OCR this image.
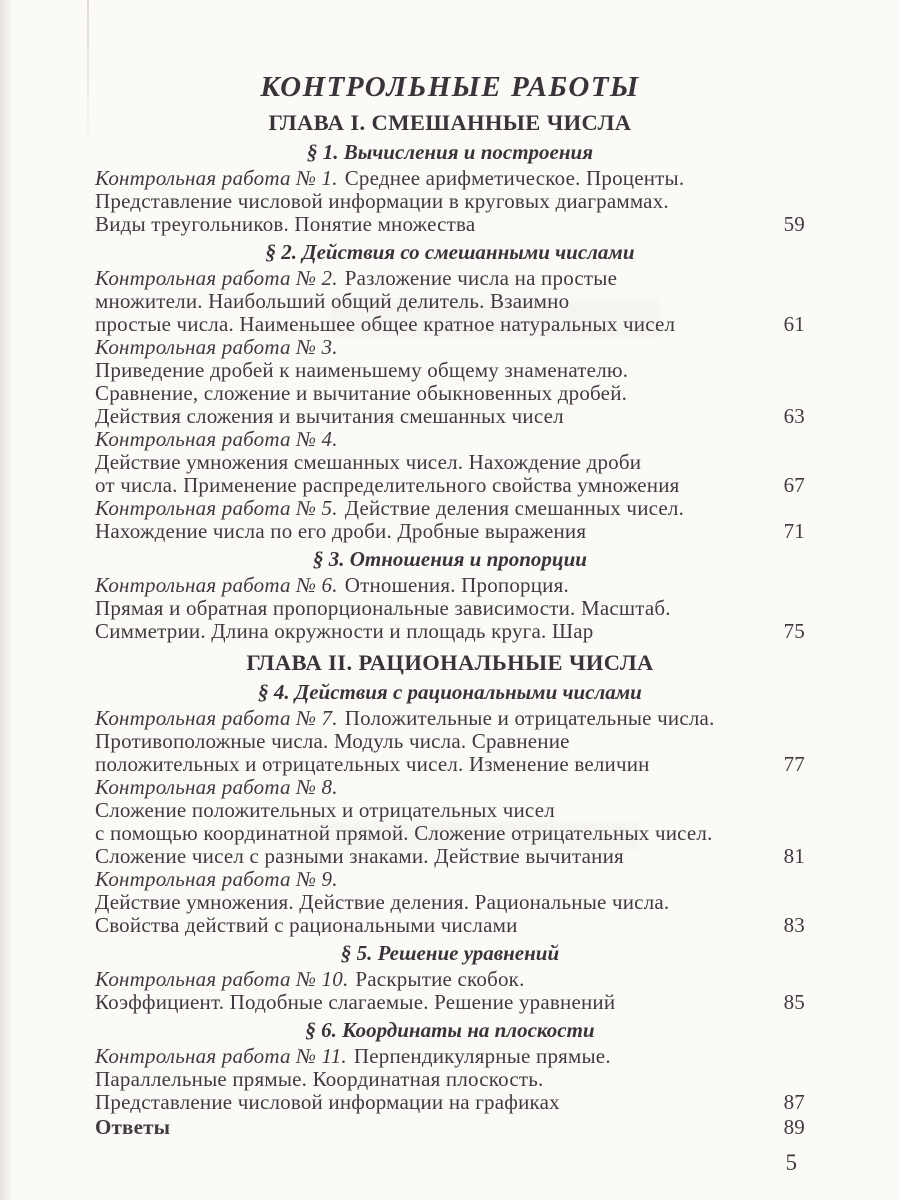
КОНТРОЛЬНЫЕ РАБОТЫ
ГЛАВА I. СМЕШАННЫЕ ЧИСЛА
§ 1. Вычисления и построения
Контрольная работа № 1. Среднее арифметическое. Проценты.
Представление числовой информации в круговых диаграммах.
Виды треугольников. Понятие множества	59
§ 2. Действия со смешанными числами
Контрольная работа № 2. Разложение числа на простые
множители. Наибольший общий делитель. Взаимно
простые числа. Наименьшее общее кратное натуральных чисел	61
Контрольная работа № 3.
Приведение дробей к наименьшему общему знаменателю.
Сравнение, сложение и вычитание обыкновенных дробей.
Действия сложения и вычитания смешанных чисел	63
Контрольная работа № 4.
Действие умножения смешанных чисел. Нахождение дроби
от числа. Применение распределительного свойства умножения	67
Контрольная работа № 5. Действие деления смешанных чисел.
Нахождение числа по его дроби. Дробные выражения	71
§ 3. Отношения и пропорции
Контрольная работа № 6. Отношения. Пропорция.
Прямая и обратная пропорциональные зависимости. Масштаб.
Симметрии. Длина окружности и площадь круга. Шар	75
ГЛАВА II. РАЦИОНАЛЬНЫЕ ЧИСЛА
§ 4. Действия с рациональными числами
Контрольная работа № 7. Положительные и отрицательные числа.
Противоположные числа. Модуль числа. Сравнение
положительных и отрицательных чисел. Изменение величин	77
Контрольная работа № 8.
Сложение положительных и отрицательных чисел
с помощью координатной прямой. Сложение отрицательных чисел.
Сложение чисел с разными знаками. Действие вычитания	81
Контрольная работа № 9.
Действие умножения. Действие деления. Рациональные числа.
Свойства действий с рациональными числами	83
§ 5. Решение уравнений
Контрольная работа № 10. Раскрытие скобок.
Коэффициент. Подобные слагаемые. Решение уравнений	85
§ 6. Координаты на плоскости
Контрольная работа № 11. Перпендикулярные прямые.
Параллельные прямые. Координатная плоскость.
Представление числовой информации на графиках	87
Ответы	89
5
